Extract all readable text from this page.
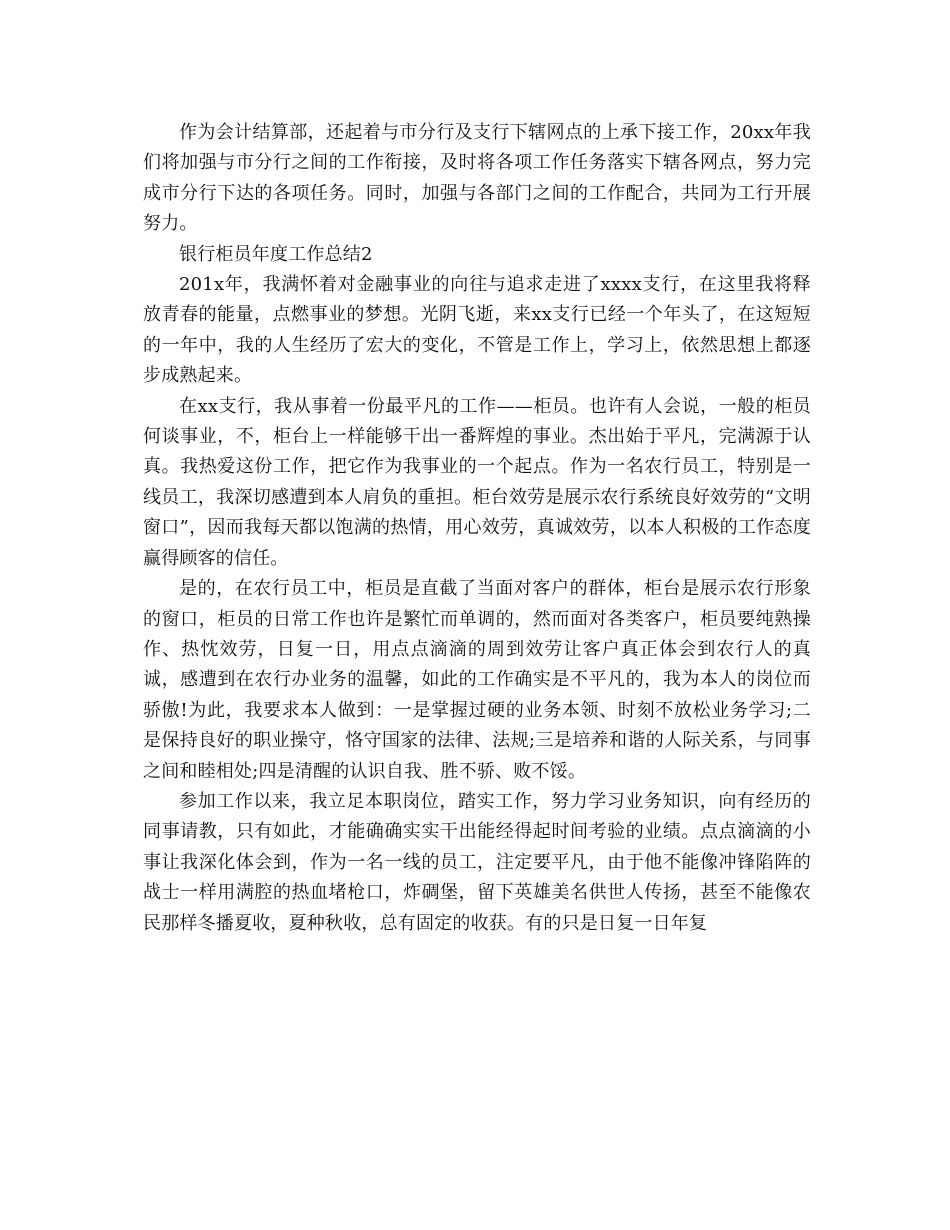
作为会计结算部，还起着与市分行及支行下辖网点的上承下接工作，20xx年我们将加强与市分行之间的工作衔接，及时将各项工作任务落实下辖各网点，努力完成市分行下达的各项任务。同时，加强与各部门之间的工作配合，共同为工行开展努力。

银行柜员年度工作总结2

201x年，我满怀着对金融事业的向往与追求走进了xxxx支行，在这里我将释放青春的能量，点燃事业的梦想。光阴飞逝，来xx支行已经一个年头了，在这短短的一年中，我的人生经历了宏大的变化，不管是工作上，学习上，依然思想上都逐步成熟起来。

在xx支行，我从事着一份最平凡的工作——柜员。也许有人会说，一般的柜员何谈事业，不，柜台上一样能够干出一番辉煌的事业。杰出始于平凡，完满源于认真。我热爱这份工作，把它作为我事业的一个起点。作为一名农行员工，特别是一线员工，我深切感遭到本人肩负的重担。柜台效劳是展示农行系统良好效劳的“文明窗口”，因而我每天都以饱满的热情，用心效劳，真诚效劳，以本人积极的工作态度赢得顾客的信任。

是的，在农行员工中，柜员是直截了当面对客户的群体，柜台是展示农行形象的窗口，柜员的日常工作也许是繁忙而单调的，然而面对各类客户，柜员要纯熟操作、热忱效劳，日复一日，用点点滴滴的周到效劳让客户真正体会到农行人的真诚，感遭到在农行办业务的温馨，如此的工作确实是不平凡的，我为本人的岗位而骄傲!为此，我要求本人做到：一是掌握过硬的业务本领、时刻不放松业务学习;二是保持良好的职业操守，恪守国家的法律、法规;三是培养和谐的人际关系，与同事之间和睦相处;四是清醒的认识自我、胜不骄、败不馁。

参加工作以来，我立足本职岗位，踏实工作，努力学习业务知识，向有经历的同事请教，只有如此，才能确确实实干出能经得起时间考验的业绩。点点滴滴的小事让我深化体会到，作为一名一线的员工，注定要平凡，由于他不能像冲锋陷阵的战士一样用满腔的热血堵枪口，炸碉堡，留下英雄美名供世人传扬，甚至不能像农民那样冬播夏收，夏种秋收，总有固定的收获。有的只是日复一日年复
